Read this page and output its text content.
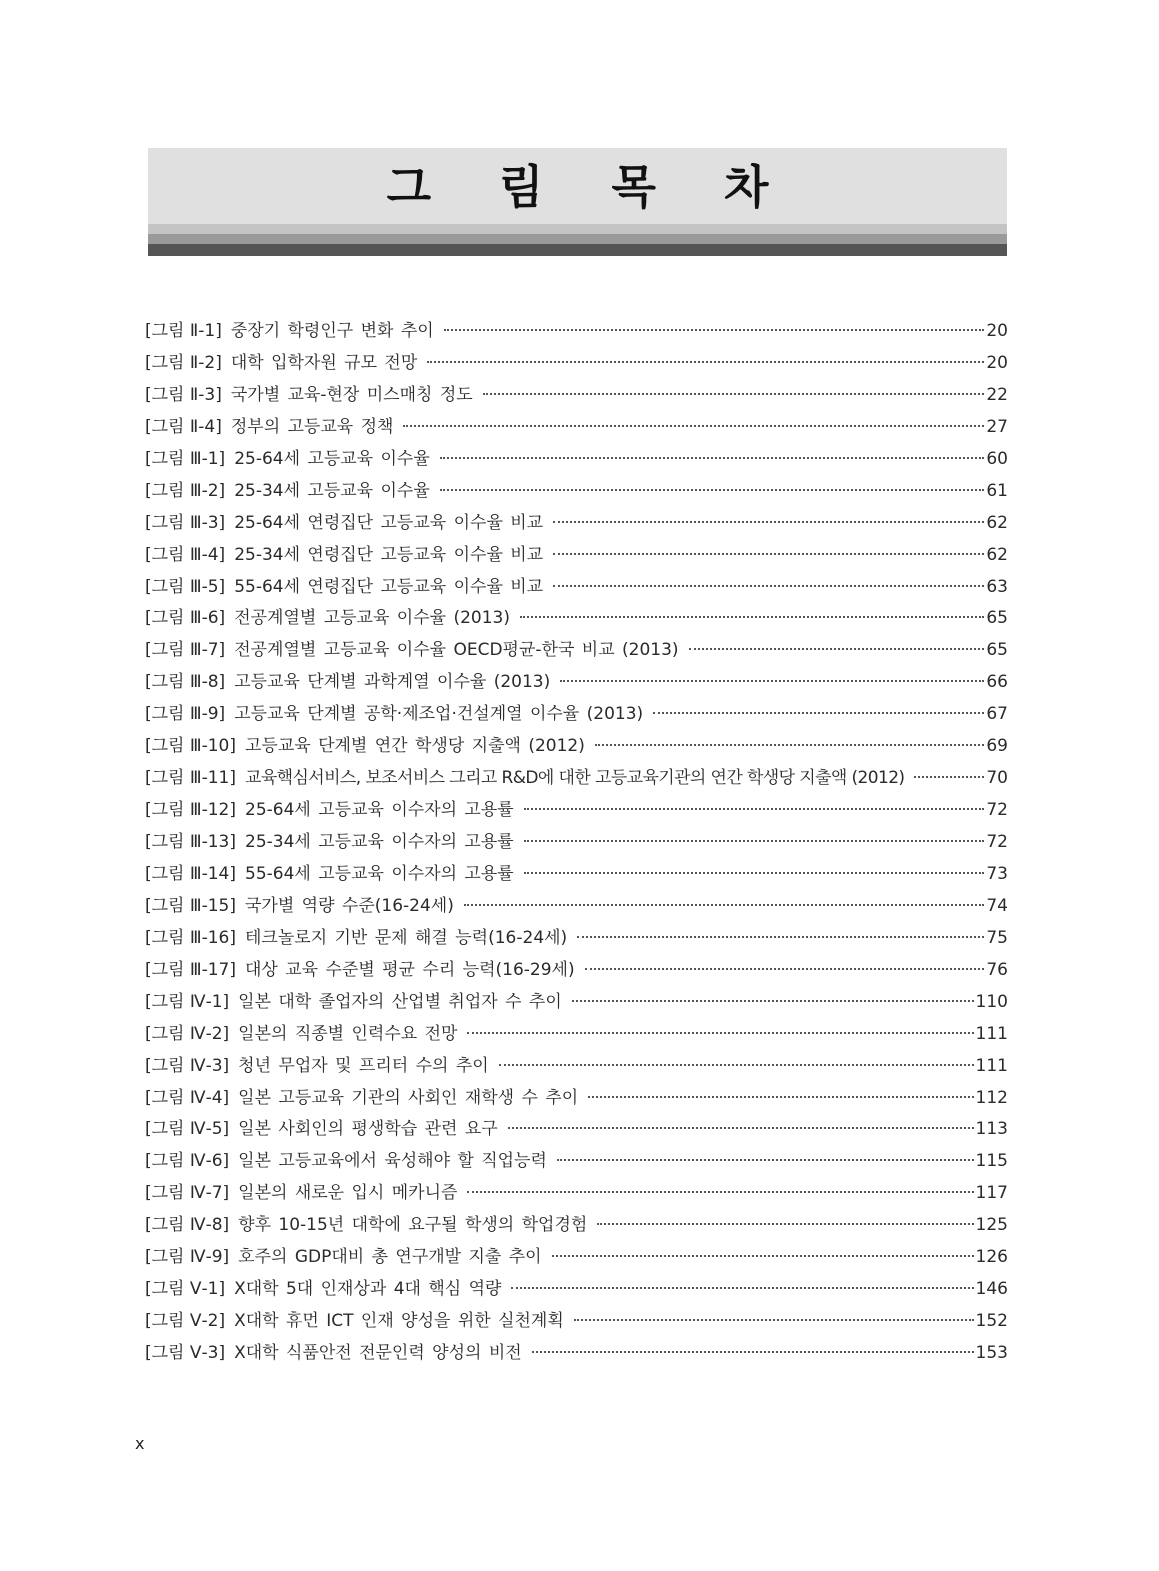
그 림 목 차
[그림 Ⅱ-1] 중장기 학령인구 변화 추이	20
[그림 Ⅱ-2] 대학 입학자원 규모 전망	20
[그림 Ⅱ-3] 국가별 교육-현장 미스매칭 정도	22
[그림 Ⅱ-4] 정부의 고등교육 정책	27
[그림 Ⅲ-1] 25-64세 고등교육 이수율	60
[그림 Ⅲ-2] 25-34세 고등교육 이수율	61
[그림 Ⅲ-3] 25-64세 연령집단 고등교육 이수율 비교	62
[그림 Ⅲ-4] 25-34세 연령집단 고등교육 이수율 비교	62
[그림 Ⅲ-5] 55-64세 연령집단 고등교육 이수율 비교	63
[그림 Ⅲ-6] 전공계열별 고등교육 이수율 (2013)	65
[그림 Ⅲ-7] 전공계열별 고등교육 이수율 OECD평균-한국 비교 (2013)	65
[그림 Ⅲ-8] 고등교육 단계별 과학계열 이수율 (2013)	66
[그림 Ⅲ-9] 고등교육 단계별 공학·제조업·건설계열 이수율 (2013)	67
[그림 Ⅲ-10] 고등교육 단계별 연간 학생당 지출액 (2012)	69
[그림 Ⅲ-11] 교육핵심서비스, 보조서비스 그리고 R&D에 대한 고등교육기관의 연간 학생당 지출액 (2012)	70
[그림 Ⅲ-12] 25-64세 고등교육 이수자의 고용률	72
[그림 Ⅲ-13] 25-34세 고등교육 이수자의 고용률	72
[그림 Ⅲ-14] 55-64세 고등교육 이수자의 고용률	73
[그림 Ⅲ-15] 국가별 역량 수준(16-24세)	74
[그림 Ⅲ-16] 테크놀로지 기반 문제 해결 능력(16-24세)	75
[그림 Ⅲ-17] 대상 교육 수준별 평균 수리 능력(16-29세)	76
[그림 Ⅳ-1] 일본 대학 졸업자의 산업별 취업자 수 추이	110
[그림 Ⅳ-2] 일본의 직종별 인력수요 전망	111
[그림 Ⅳ-3] 청년 무업자 및 프리터 수의 추이	111
[그림 Ⅳ-4] 일본 고등교육 기관의 사회인 재학생 수 추이	112
[그림 Ⅳ-5] 일본 사회인의 평생학습 관련 요구	113
[그림 Ⅳ-6] 일본 고등교육에서 육성해야 할 직업능력	115
[그림 Ⅳ-7] 일본의 새로운 입시 메카니즘	117
[그림 Ⅳ-8] 향후 10-15년 대학에 요구될 학생의 학업경험	125
[그림 Ⅳ-9] 호주의 GDP대비 총 연구개발 지출 추이	126
[그림 Ⅴ-1] X대학 5대 인재상과 4대 핵심 역량	146
[그림 Ⅴ-2] X대학 휴먼 ICT 인재 양성을 위한 실천계획	152
[그림 Ⅴ-3] X대학 식품안전 전문인력 양성의 비전	153
x
